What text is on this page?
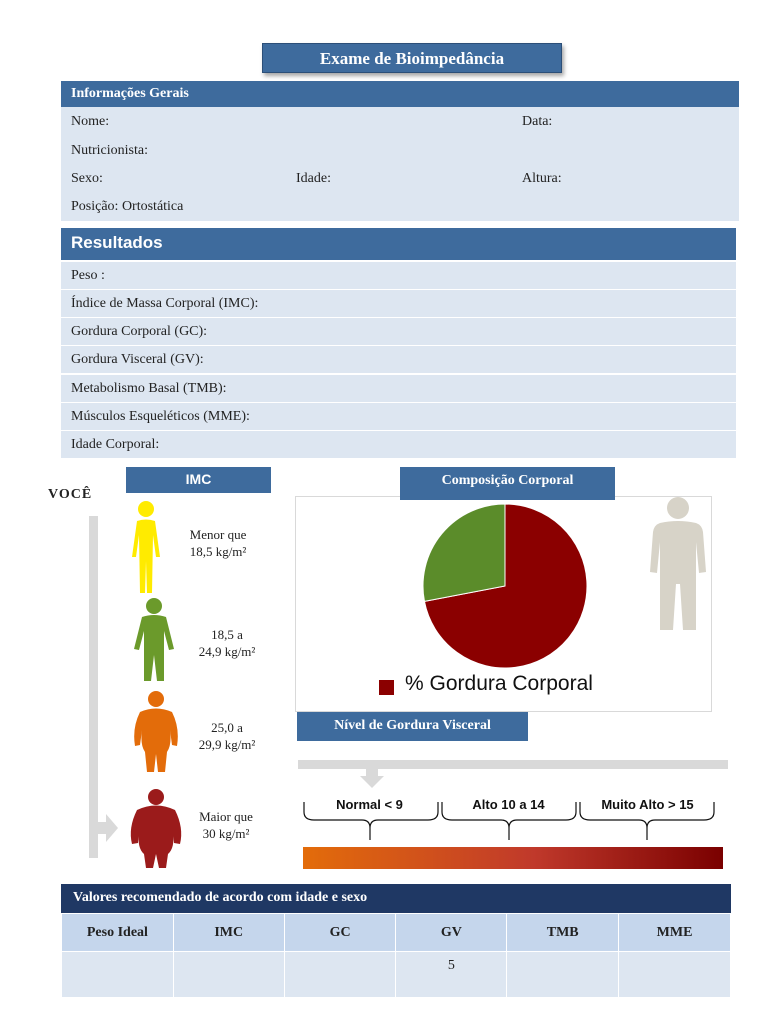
Exame de Bioimpedância
Informações Gerais
Nome:	Data:
Nutricionista:
Sexo:	Idade:	Altura:
Posição: Ortostática
Resultados
Peso :
Índice de Massa Corporal (IMC):
Gordura Corporal (GC):
Gordura Visceral (GV):
Metabolismo Basal (TMB):
Músculos Esqueléticos (MME):
Idade Corporal:
IMC
VOCÊ
Menor que
18,5 kg/m²
18,5 a
24,9 kg/m²
25,0 a
29,9 kg/m²
Maior que
30 kg/m²
Composição Corporal
% Gordura Corporal
Nível de Gordura Visceral
Normal < 9	Alto 10 a 14	Muito Alto > 15
Valores recomendado de acordo com idade e sexo
Peso Ideal	IMC	GC	GV	TMB	MME
			5		
